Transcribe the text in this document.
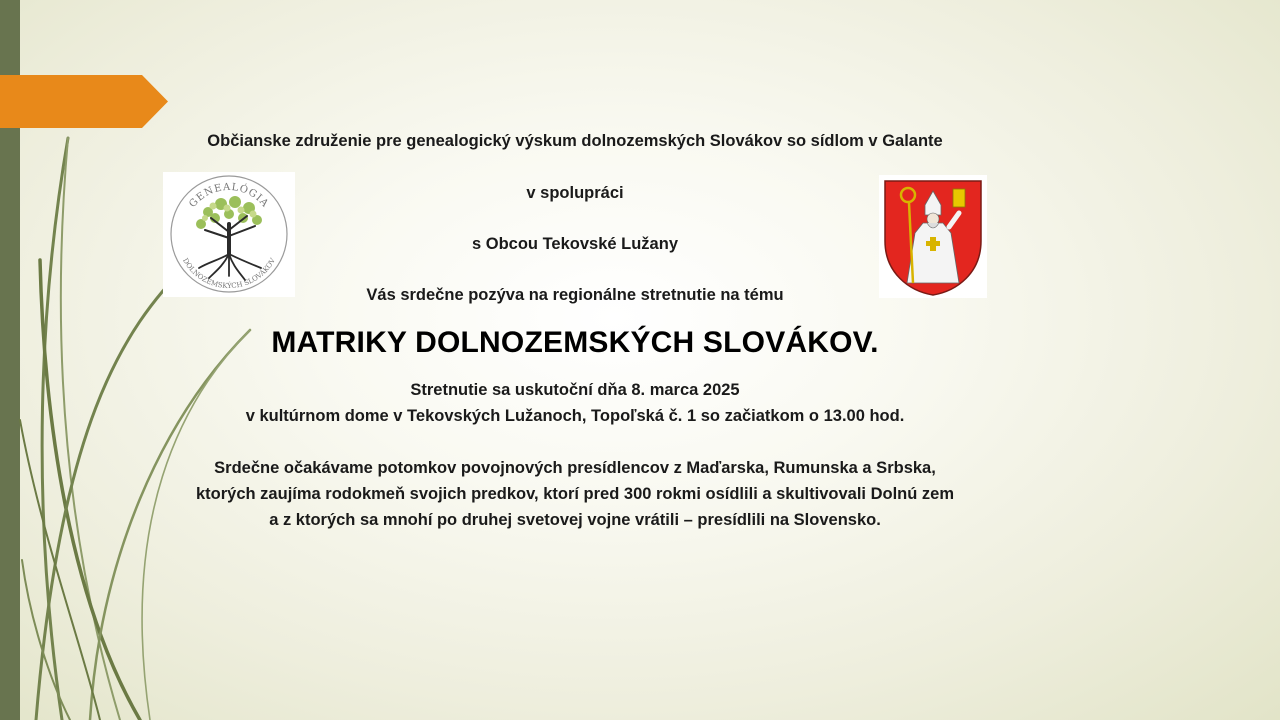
Občianske združenie pre genealogický výskum dolnozemských Slovákov so sídlom v Galante
v spolupráci
s Obcou Tekovské Lužany
Vás srdečne pozýva na regionálne stretnutie na tému
MATRIKY DOLNOZEMSKÝCH SLOVÁKOV.
Stretnutie sa uskutoční dňa 8. marca 2025
v kultúrnom dome v Tekovských Lužanoch, Topoľská č. 1 so začiatkom o 13.00 hod.
Srdečne očakávame potomkov povojnových presídlencov z Maďarska, Rumunska a Srbska,
ktorých zaujíma rodokmeň svojich predkov, ktorí pred 300 rokmi osídlili a skultivovali Dolnú zem
a z ktorých sa mnohí po druhej svetovej vojne vrátili – presídlili na Slovensko.
GENEALÓGIA
DOLNOZEMSKÝCH SLOVÁKOV
